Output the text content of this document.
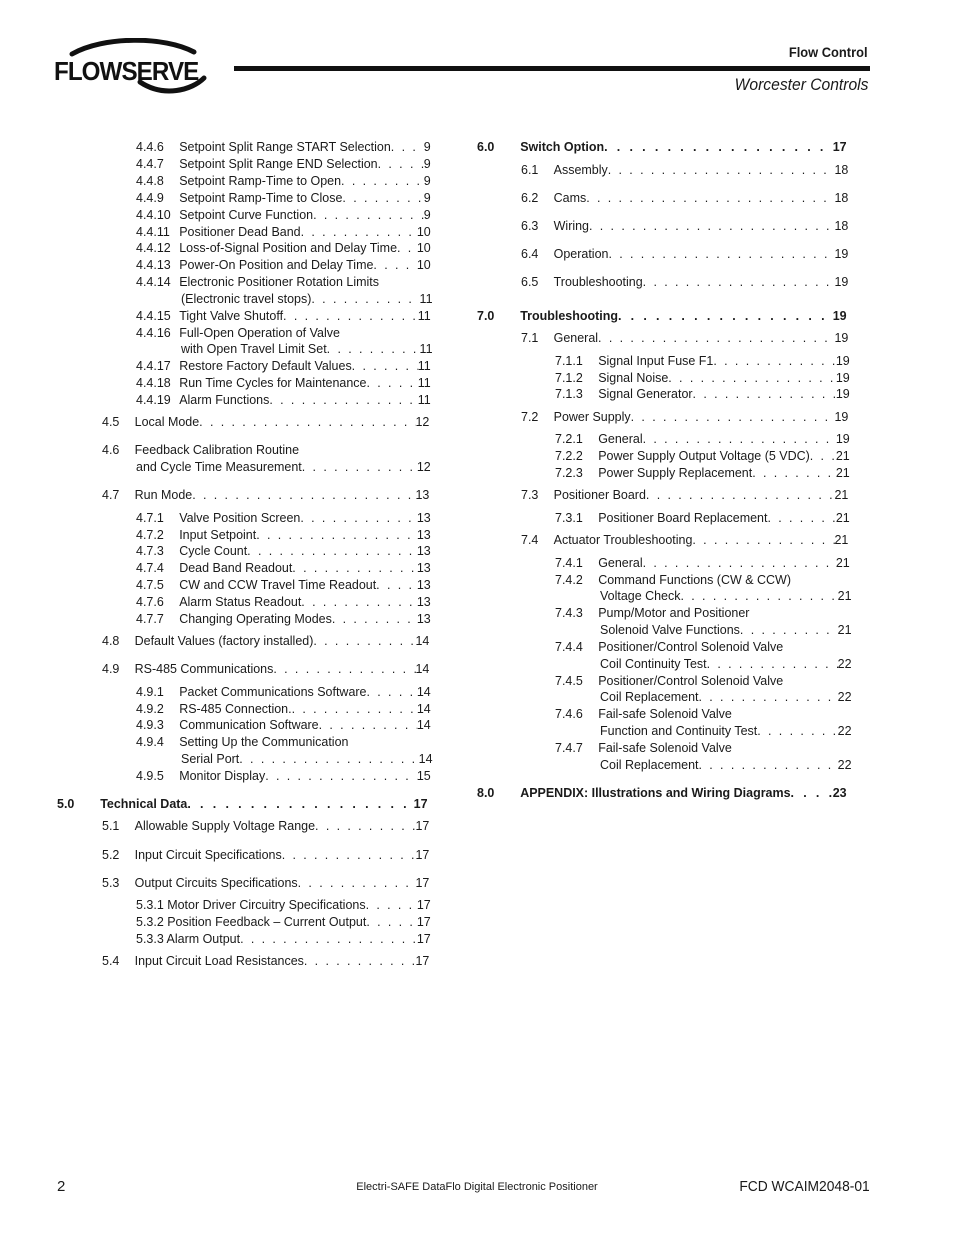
FLOWSERVE
Flow Control
Worcester Controls
4.4.6	Setpoint Split Range START Selection . . .	9
4.4.7	Setpoint Split Range END Selection . . .	9
4.4.8	Setpoint Ramp-Time to Open . . .	9
4.4.9	Setpoint Ramp-Time to Close . . .	9
4.4.10 Setpoint Curve Function . . .	9
4.4.11 Positioner Dead Band . . .	10
4.4.12 Loss-of-Signal Position and Delay Time . . . 10
4.4.13 Power-On Position and Delay Time . . .	10
4.4.14 Electronic Positioner Rotation Limits
(Electronic travel stops) . . .	11
4.4.15 Tight Valve Shutoff . . .	11
4.4.16 Full-Open Operation of Valve
with Open Travel Limit Set . . .	11
4.4.17 Restore Factory Default Values . . .	11
4.4.18 Run Time Cycles for Maintenance . . .	11
4.4.19 Alarm Functions . . .	11
4.5	Local Mode . . .	12
4.6 Feedback Calibration Routine
and Cycle Time Measurement . . .	12
4.7	Run Mode . . .	13
4.7.1	Valve Position Screen . . .	13
4.7.2	Input Setpoint . . .	13
4.7.3	Cycle Count . . .	13
4.7.4	Dead Band Readout . . .	13
4.7.5	CW and CCW Travel Time Readout . . .	13
4.7.6	Alarm Status Readout . . .	13
4.7.7	Changing Operating Modes . . .	13
4.8	Default Values (factory installed) . . .	14
4.9	RS-485 Communications . . .	14
4.9.1	Packet Communications Software . . .	14
4.9.2	RS-485 Connection. . . .	14
4.9.3	Communication Software . . .	14
4.9.4 Setting Up the Communication
Serial Port . . .	14
4.9.5	Monitor Display . . .	15
5.0	Technical Data . . .	17
5.1	Allowable Supply Voltage Range . . .	17
5.2	Input Circuit Specifications . . .	17
5.3	Output Circuits Specifications . . .	17
5.3.1 Motor Driver Circuitry Specifications . . .	17
5.3.2 Position Feedback – Current Output . . .	17
5.3.3 Alarm Output . . .	17
5.4	Input Circuit Load Resistances . . .	17
6.0	Switch Option . . .	17
6.1	Assembly . . .	18
6.2	Cams . . .	18
6.3	Wiring . . .	18
6.4	Operation . . .	19
6.5	Troubleshooting . . .	19
7.0	Troubleshooting . . .	19
7.1	General . . .	19
7.1.1	Signal Input Fuse F1 . . .	19
7.1.2	Signal Noise . . .	19
7.1.3	Signal Generator . . .	19
7.2	Power Supply . . .	19
7.2.1	General . . .	19
7.2.2	Power Supply Output Voltage (5 VDC) . . . 21
7.2.3	Power Supply Replacement . . .	21
7.3	Positioner Board . . .	21
7.3.1	Positioner Board Replacement . . .	21
7.4	Actuator Troubleshooting . . .	21
7.4.1	General . . .	21
7.4.2 Command Functions (CW & CCW)
Voltage Check . . .	21
7.4.3 Pump/Motor and Positioner
Solenoid Valve Functions . . .	21
7.4.4 Positioner/Control Solenoid Valve
Coil Continuity Test . . .	22
7.4.5 Positioner/Control Solenoid Valve
Coil Replacement . . .	22
7.4.6 Fail-safe Solenoid Valve
Function and Continuity Test . . .	22
7.4.7 Fail-safe Solenoid Valve
Coil Replacement . . .	22
8.0	APPENDIX: Illustrations and Wiring Diagrams . . .	23
2	Electri-SAFE DataFlo Digital Electronic Positioner	FCD WCAIM2048-01
